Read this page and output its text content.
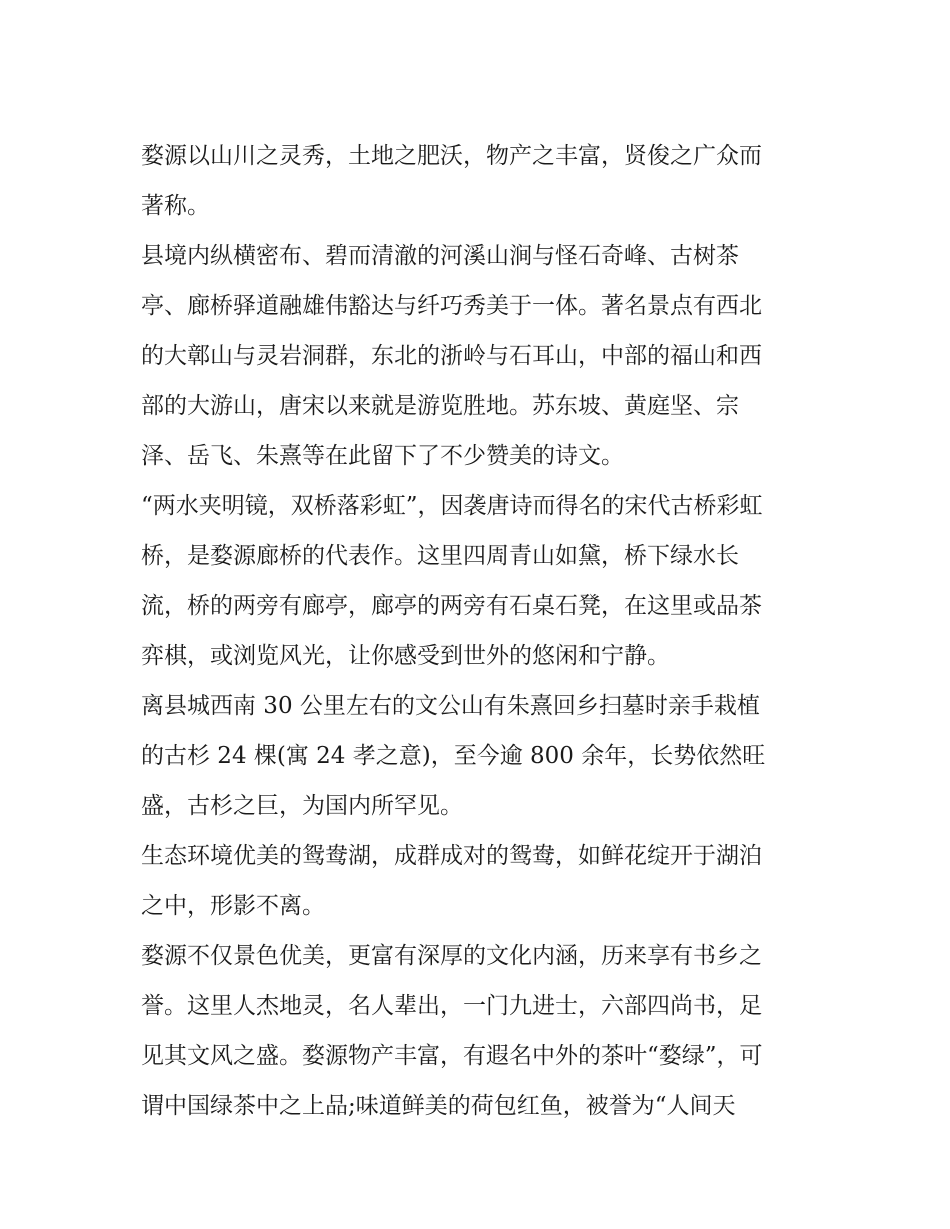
婺源以山川之灵秀，土地之肥沃，物产之丰富，贤俊之广众而
著称。

县境内纵横密布、碧而清澈的河溪山涧与怪石奇峰、古树茶
亭、廊桥驿道融雄伟豁达与纤巧秀美于一体。著名景点有西北
的大鄣山与灵岩洞群，东北的浙岭与石耳山，中部的福山和西
部的大游山，唐宋以来就是游览胜地。苏东坡、黄庭坚、宗
泽、岳飞、朱熹等在此留下了不少赞美的诗文。

“两水夹明镜，双桥落彩虹”，因袭唐诗而得名的宋代古桥彩虹
桥，是婺源廊桥的代表作。这里四周青山如黛，桥下绿水长
流，桥的两旁有廊亭，廊亭的两旁有石桌石凳，在这里或品茶
弈棋，或浏览风光，让你感受到世外的悠闲和宁静。

离县城西南 30 公里左右的文公山有朱熹回乡扫墓时亲手栽植
的古杉 24 棵(寓 24 孝之意)，至今逾 800 余年，长势依然旺
盛，古杉之巨，为国内所罕见。

生态环境优美的鸳鸯湖，成群成对的鸳鸯，如鲜花绽开于湖泊
之中，形影不离。

婺源不仅景色优美，更富有深厚的文化内涵，历来享有书乡之
誉。这里人杰地灵，名人辈出，一门九进士，六部四尚书，足
见其文风之盛。婺源物产丰富，有遐名中外的茶叶“婺绿”，可
谓中国绿茶中之上品;味道鲜美的荷包红鱼，被誉为“人间天
